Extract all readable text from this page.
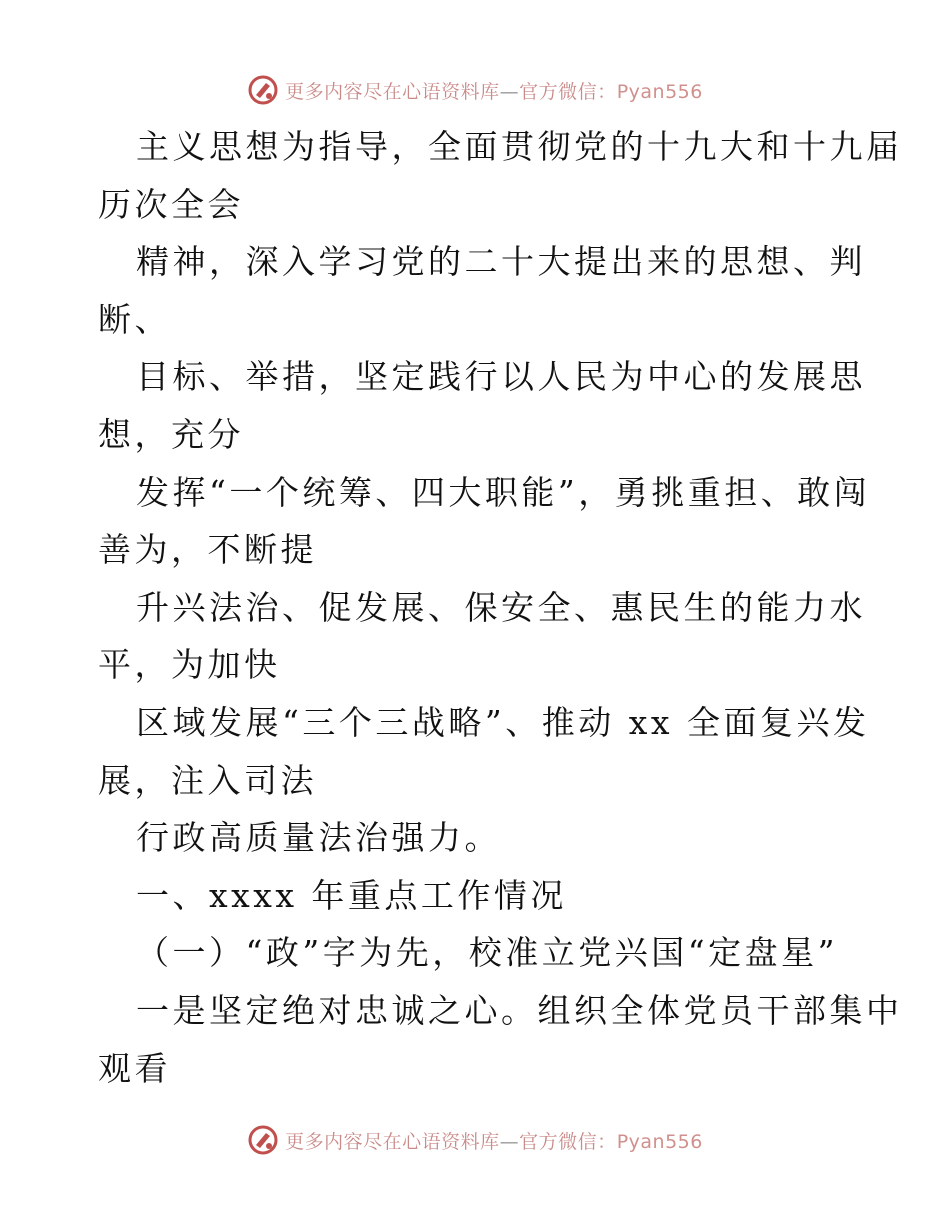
更多内容尽在心语资料库—官方微信：Pyan556
主义思想为指导，全面贯彻党的十九大和十九届
历次全会
精神，深入学习党的二十大提出来的思想、判
断、
目标、举措，坚定践行以人民为中心的发展思
想，充分
发挥“一个统筹、四大职能”，勇挑重担、敢闯
善为，不断提
升兴法治、促发展、保安全、惠民生的能力水
平，为加快
区域发展“三个三战略”、推动 xx 全面复兴发
展，注入司法
行政高质量法治强力。
一、xxxx 年重点工作情况
（一）“政”字为先，校准立党兴国“定盘星”
一是坚定绝对忠诚之心。组织全体党员干部集中
观看
更多内容尽在心语资料库—官方微信：Pyan556
